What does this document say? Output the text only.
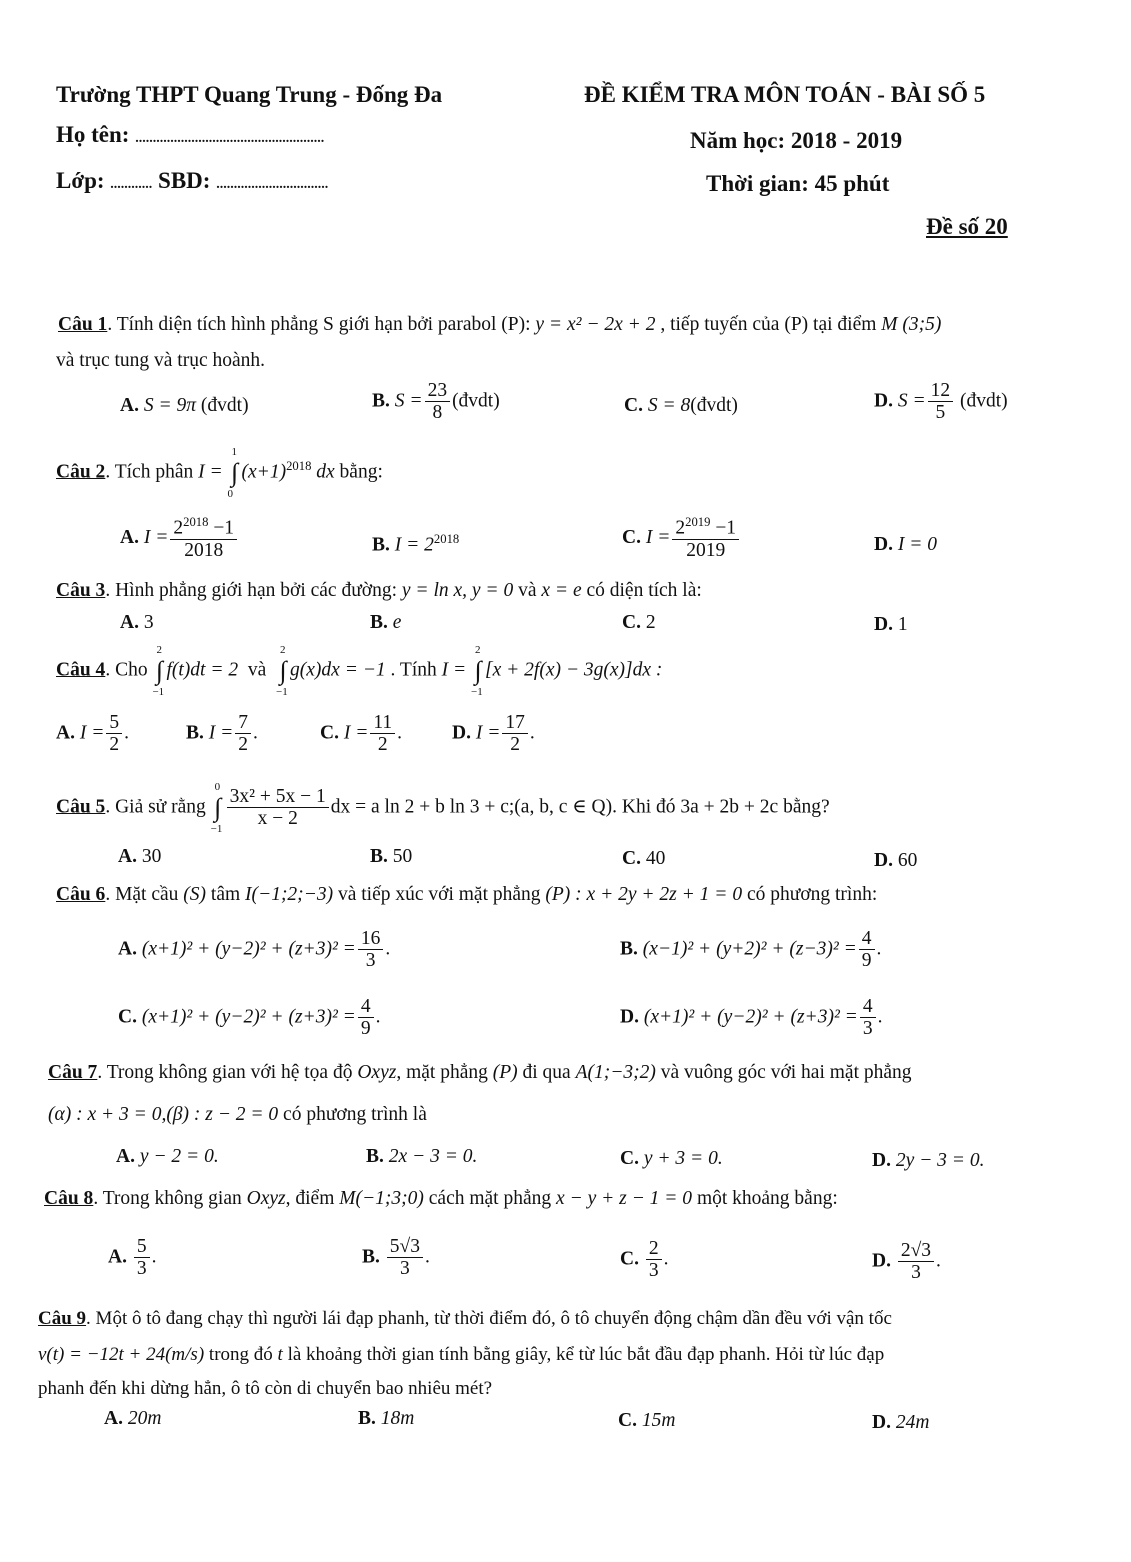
Trường THPT Quang Trung - Đống Đa	ĐỀ KIỂM TRA MÔN TOÁN - BÀI SỐ 5
Họ tên: ......................................................	Năm học: 2018 - 2019
Lớp: ............ SBD: ................................	Thời gian: 45 phút
Đề số 20
Câu 1. Tính diện tích hình phẳng S giới hạn bởi parabol (P): y = x² − 2x + 2 , tiếp tuyến của (P) tại điểm M (3;5)
và trục tung và trục hoành.
A. S = 9π (đvdt)	B. $S = \frac{23}{8}$ (đvdt)	C. S = 8(đvdt)	D. $S = \frac{12}{5}$ (đvdt)
Câu 2. Tích phân I = ∫
1
0
$(x+1)^{2018}$ dx bằng:
A. $I = \frac{2^{2018} -1}{2018}$	B. $I = 2^{2018}$	C. $I = \frac{2^{2019} -1}{2019}$	D. I = 0
Câu 3. Hình phẳng giới hạn bởi các đường: y = ln x, y = 0 và x = e có diện tích là:
A. 3	B. e	C. 2	D. 1
Câu 4. Cho ∫
2
−1
f(t)dt = 2 và ∫
2
−1
g(x)dx = −1 . Tính I = ∫
2
−1
[x + 2f(x) − 3g(x)]dx :
A. $I = \frac{5}{2}$ .	B. $I = \frac{7}{2}$ .	C. $I = \frac{11}{2}$ .	D. $I = \frac{17}{2}$ .
Câu 5. Giả sử rằng ∫
0
$-1 \frac{\text{3x² + 5x − 1}}{x - 2}$ dx = a ln 2 + b ln 3 + c;(a, b, c ∈ Q). Khi đó 3a + 2b + 2c bằng?
A. 30	B. 50	C. 40	D. 60
Câu 6. Mặt cầu (S) tâm I(−1;2;−3) và tiếp xúc với mặt phẳng (P) : x + 2y + 2z + 1 = 0 có phương trình:
A. $(x+1)^2 + (y-2)^2 + (z+3)^2 = \frac{16}{3}$ .	B. $(x-1)^2 + (y+2)^2 + (z-3)^2 = \frac{4}{9}$ .
C. $(x+1)^2 + (y-2)^2 + (z+3)^2 = \frac{4}{9}$ .	D. $(x+1)^2 + (y-2)^2 + (z+3)^2 = \frac{4}{3}$ .
Câu 7. Trong không gian với hệ tọa độ Oxyz, mặt phẳng (P) đi qua A(1;−3;2) và vuông góc với hai mặt phẳng
(α) : x + 3 = 0,(β) : z − 2 = 0 có phương trình là
A. y − 2 = 0.	B. 2x − 3 = 0.	C. y + 3 = 0.	D. 2y − 3 = 0.
Câu 8. Trong không gian Oxyz, điểm M(−1;3;0) cách mặt phẳng x − y + z − 1 = 0 một khoảng bằng:
A. $\frac{5}{3}$ .	B. $\frac{5√3}{3}$ .	C. $\frac{2}{3}$ .	D. $\frac{2√3}{3}$ .
Câu 9. Một ô tô đang chạy thì người lái đạp phanh, từ thời điểm đó, ô tô chuyển động chậm dần đều với vận tốc
v(t) = −12t + 24(m/s) trong đó t là khoảng thời gian tính bằng giây, kể từ lúc bắt đầu đạp phanh. Hỏi từ lúc đạp
phanh đến khi dừng hẳn, ô tô còn di chuyển bao nhiêu mét?
A. 20m	B. 18m	C. 15m	D. 24m
